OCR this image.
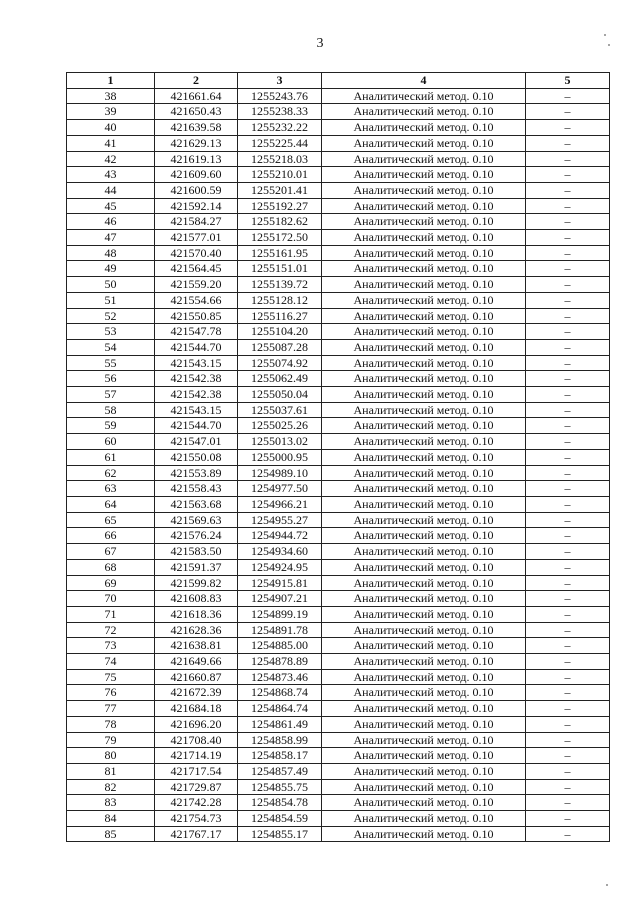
3
1	2	3	4	5
38	421661.64	1255243.76	Аналитический метод. 0.10	–
39	421650.43	1255238.33	Аналитический метод. 0.10	–
40	421639.58	1255232.22	Аналитический метод. 0.10	–
41	421629.13	1255225.44	Аналитический метод. 0.10	–
42	421619.13	1255218.03	Аналитический метод. 0.10	–
43	421609.60	1255210.01	Аналитический метод. 0.10	–
44	421600.59	1255201.41	Аналитический метод. 0.10	–
45	421592.14	1255192.27	Аналитический метод. 0.10	–
46	421584.27	1255182.62	Аналитический метод. 0.10	–
47	421577.01	1255172.50	Аналитический метод. 0.10	–
48	421570.40	1255161.95	Аналитический метод. 0.10	–
49	421564.45	1255151.01	Аналитический метод. 0.10	–
50	421559.20	1255139.72	Аналитический метод. 0.10	–
51	421554.66	1255128.12	Аналитический метод. 0.10	–
52	421550.85	1255116.27	Аналитический метод. 0.10	–
53	421547.78	1255104.20	Аналитический метод. 0.10	–
54	421544.70	1255087.28	Аналитический метод. 0.10	–
55	421543.15	1255074.92	Аналитический метод. 0.10	–
56	421542.38	1255062.49	Аналитический метод. 0.10	–
57	421542.38	1255050.04	Аналитический метод. 0.10	–
58	421543.15	1255037.61	Аналитический метод. 0.10	–
59	421544.70	1255025.26	Аналитический метод. 0.10	–
60	421547.01	1255013.02	Аналитический метод. 0.10	–
61	421550.08	1255000.95	Аналитический метод. 0.10	–
62	421553.89	1254989.10	Аналитический метод. 0.10	–
63	421558.43	1254977.50	Аналитический метод. 0.10	–
64	421563.68	1254966.21	Аналитический метод. 0.10	–
65	421569.63	1254955.27	Аналитический метод. 0.10	–
66	421576.24	1254944.72	Аналитический метод. 0.10	–
67	421583.50	1254934.60	Аналитический метод. 0.10	–
68	421591.37	1254924.95	Аналитический метод. 0.10	–
69	421599.82	1254915.81	Аналитический метод. 0.10	–
70	421608.83	1254907.21	Аналитический метод. 0.10	–
71	421618.36	1254899.19	Аналитический метод. 0.10	–
72	421628.36	1254891.78	Аналитический метод. 0.10	–
73	421638.81	1254885.00	Аналитический метод. 0.10	–
74	421649.66	1254878.89	Аналитический метод. 0.10	–
75	421660.87	1254873.46	Аналитический метод. 0.10	–
76	421672.39	1254868.74	Аналитический метод. 0.10	–
77	421684.18	1254864.74	Аналитический метод. 0.10	–
78	421696.20	1254861.49	Аналитический метод. 0.10	–
79	421708.40	1254858.99	Аналитический метод. 0.10	–
80	421714.19	1254858.17	Аналитический метод. 0.10	–
81	421717.54	1254857.49	Аналитический метод. 0.10	–
82	421729.87	1254855.75	Аналитический метод. 0.10	–
83	421742.28	1254854.78	Аналитический метод. 0.10	–
84	421754.73	1254854.59	Аналитический метод. 0.10	–
85	421767.17	1254855.17	Аналитический метод. 0.10	–
